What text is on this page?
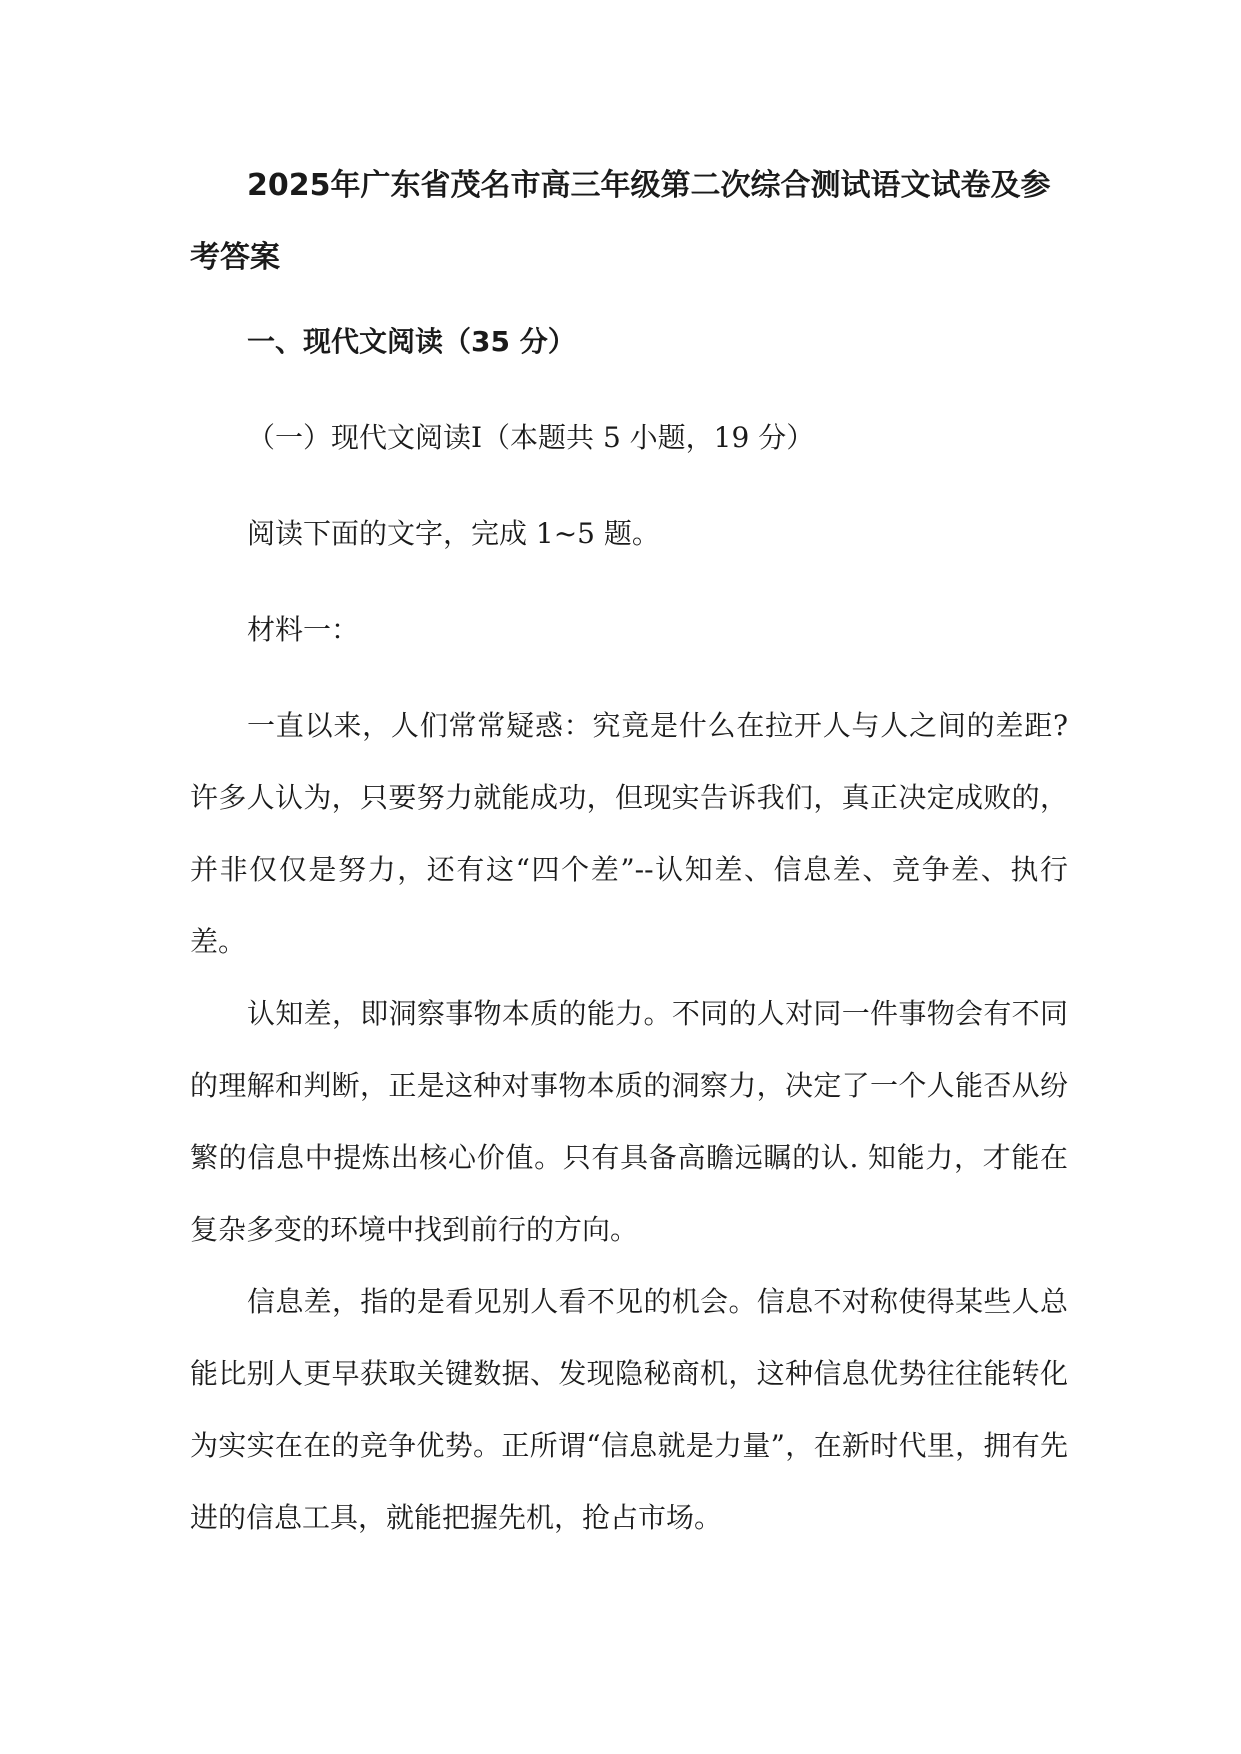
2025年广东省茂名市高三年级第二次综合测试语文试卷及参考答案
一、现代文阅读（35 分）
（一）现代文阅读Ⅰ（本题共 5 小题，19 分）
阅读下面的文字，完成 1~5 题。
材料一：
一直以来，人们常常疑惑：究竟是什么在拉开人与人之间的差距?许多人认为，只要努力就能成功，但现实告诉我们，真正决定成败的，并非仅仅是努力，还有这“四个差”--认知差、信息差、竞争差、执行差。
认知差，即洞察事物本质的能力。不同的人对同一件事物会有不同的理解和判断，正是这种对事物本质的洞察力，决定了一个人能否从纷繁的信息中提炼出核心价值。只有具备高瞻远瞩的认. 知能力，才能在复杂多变的环境中找到前行的方向。
信息差，指的是看见别人看不见的机会。信息不对称使得某些人总能比别人更早获取关键数据、发现隐秘商机，这种信息优势往往能转化为实实在在的竞争优势。正所谓“信息就是力量”，在新时代里，拥有先进的信息工具，就能把握先机，抢占市场。
